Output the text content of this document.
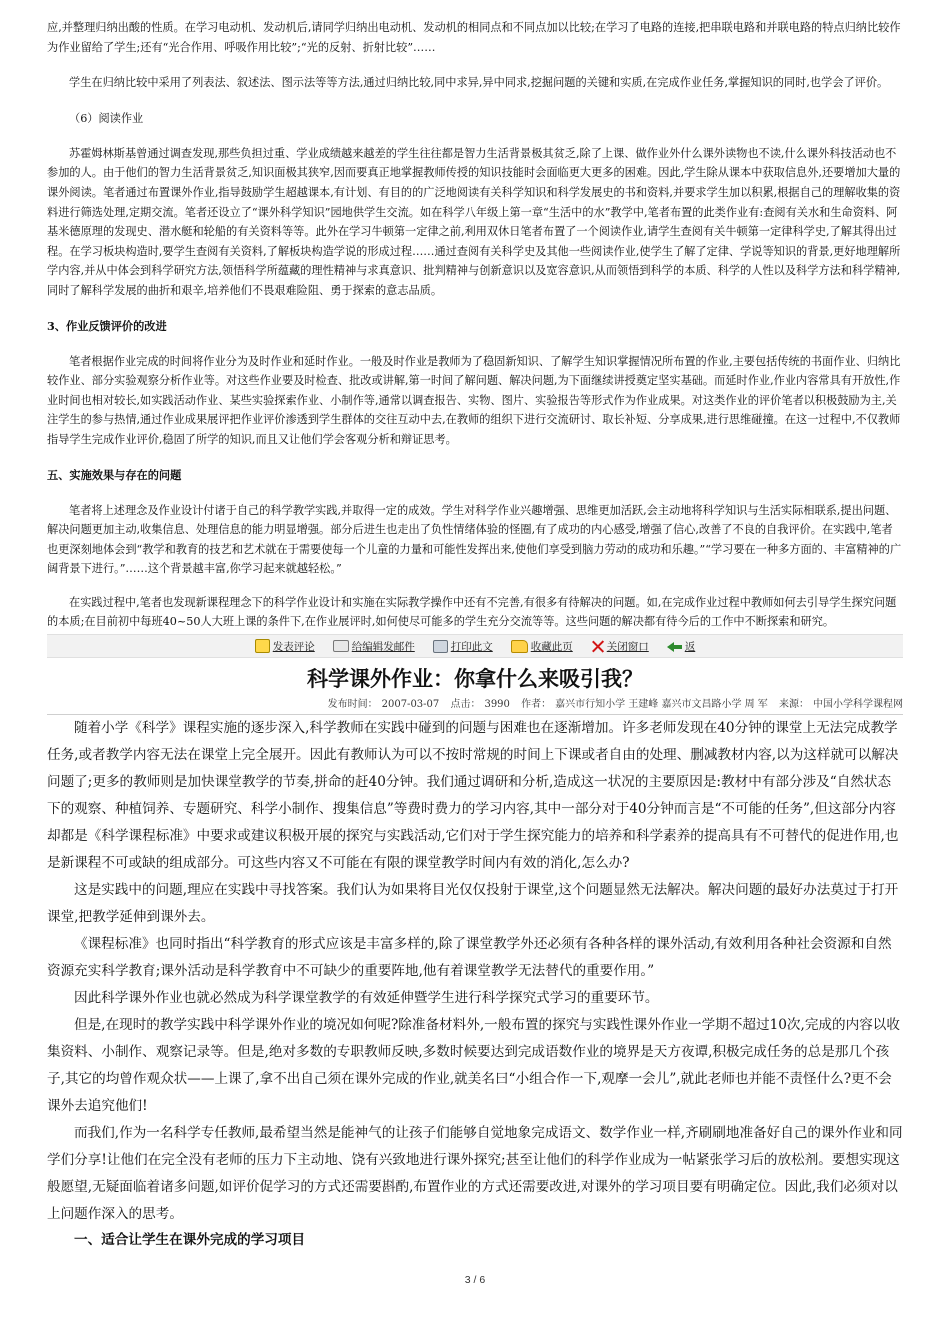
应,并整理归纳出酸的性质。在学习电动机、发动机后,请同学归纳出电动机、发动机的相同点和不同点加以比较;在学习了电路的连接,把串联电路和并联电路的特点归纳比较作为作业留给了学生;还有“光合作用、呼吸作用比较”;“光的反射、折射比较”……

学生在归纳比较中采用了列表法、叙述法、图示法等等方法,通过归纳比较,同中求异,异中同求,挖掘问题的关键和实质,在完成作业任务,掌握知识的同时,也学会了评价。

（6）阅读作业

苏霍姆林斯基曾通过调查发现,那些负担过重、学业成绩越来越差的学生往往都是智力生活背景极其贫乏,除了上课、做作业外什么课外读物也不读,什么课外科技活动也不参加的人。由于他们的智力生活背景贫乏,知识面极其狭窄,因而要真正地掌握教师传授的知识技能时会面临更大更多的困难。因此,学生除从课本中获取信息外,还要增加大量的课外阅读。笔者通过布置课外作业,指导鼓励学生超越课本,有计划、有目的的广泛地阅读有关科学知识和科学发展史的书和资料,并要求学生加以积累,根据自己的理解收集的资料进行筛选处理,定期交流。笔者还设立了“课外科学知识”园地供学生交流。如在科学八年级上第一章“生活中的水”教学中,笔者布置的此类作业有:查阅有关水和生命资料、阿基米德原理的发现史、潜水艇和轮船的有关资料等等。此外在学习牛顿第一定律之前,利用双休日笔者布置了一个阅读作业,请学生查阅有关牛顿第一定律科学史,了解其得出过程。在学习板块构造时,要学生查阅有关资料,了解板块构造学说的形成过程……通过查阅有关科学史及其他一些阅读作业,使学生了解了定律、学说等知识的背景,更好地理解所学内容,并从中体会到科学研究方法,领悟科学所蕴藏的理性精神与求真意识、批判精神与创新意识以及宽容意识,从而领悟到科学的本质、科学的人性以及科学方法和科学精神,同时了解科学发展的曲折和艰辛,培养他们不畏艰难险阻、勇于探索的意志品质。

3、作业反馈评价的改进

笔者根据作业完成的时间将作业分为及时作业和延时作业。一般及时作业是教师为了稳固新知识、了解学生知识掌握情况所布置的作业,主要包括传统的书面作业、归纳比较作业、部分实验观察分析作业等。对这些作业要及时检查、批改或讲解,第一时间了解问题、解决问题,为下面继续讲授奠定坚实基础。而延时作业,作业内容常具有开放性,作业时间也相对较长,如实践活动作业、某些实验探索作业、小制作等,通常以调查报告、实物、图片、实验报告等形式作为作业成果。对这类作业的评价笔者以积极鼓励为主,关注学生的参与热情,通过作业成果展评把作业评价渗透到学生群体的交往互动中去,在教师的组织下进行交流研讨、取长补短、分享成果,进行思维碰撞。在这一过程中,不仅教师指导学生完成作业评价,稳固了所学的知识,而且又让他们学会客观分析和辩证思考。

五、实施效果与存在的问题

笔者将上述理念及作业设计付诸于自己的科学教学实践,并取得一定的成效。学生对科学作业兴趣增强、思维更加活跃,会主动地将科学知识与生活实际相联系,提出问题、解决问题更加主动,收集信息、处理信息的能力明显增强。部分后进生也走出了负性情绪体验的怪圈,有了成功的内心感受,增强了信心,改善了不良的自我评价。在实践中,笔者也更深刻地体会到“教学和教育的技艺和艺术就在于需要使每一个儿童的力量和可能性发挥出来,使他们享受到脑力劳动的成功和乐趣。”“学习要在一种多方面的、丰富精神的广阔背景下进行。”……这个背景越丰富,你学习起来就越轻松。”

在实践过程中,笔者也发现新课程理念下的科学作业设计和实施在实际教学操作中还有不完善,有很多有待解决的问题。如,在完成作业过程中教师如何去引导学生探究问题的本质;在目前初中每班40~50人大班上课的条件下,在作业展评时,如何使尽可能多的学生充分交流等等。这些问题的解决都有待今后的工作中不断探索和研究。

发表评论	给编辑发邮件	打印此文	收藏此页	关闭窗口	返
科学课外作业：你拿什么来吸引我？
发布时间： 2007-03-07 点击： 3990 作者： 嘉兴市行知小学 王建峰 嘉兴市文昌路小学 周 军 来源： 中国小学科学课程网

随着小学《科学》课程实施的逐步深入,科学教师在实践中碰到的问题与困难也在逐渐增加。许多老师发现在40分钟的课堂上无法完成教学任务,或者教学内容无法在课堂上完全展开。因此有教师认为可以不按时常规的时间上下课或者自由的处理、删减教材内容,以为这样就可以解决问题了;更多的教师则是加快课堂教学的节奏,拼命的赶40分钟。我们通过调研和分析,造成这一状况的主要原因是:教材中有部分涉及“自然状态下的观察、种植饲养、专题研究、科学小制作、搜集信息”等费时费力的学习内容,其中一部分对于40分钟而言是“不可能的任务”,但这部分内容却都是《科学课程标准》中要求或建议积极开展的探究与实践活动,它们对于学生探究能力的培养和科学素养的提高具有不可替代的促进作用,也是新课程不可或缺的组成部分。可这些内容又不可能在有限的课堂教学时间内有效的消化,怎么办?

这是实践中的问题,理应在实践中寻找答案。我们认为如果将目光仅仅投射于课堂,这个问题显然无法解决。解决问题的最好办法莫过于打开课堂,把教学延伸到课外去。

《课程标准》也同时指出“科学教育的形式应该是丰富多样的,除了课堂教学外还必须有各种各样的课外活动,有效利用各种社会资源和自然资源充实科学教育;课外活动是科学教育中不可缺少的重要阵地,他有着课堂教学无法替代的重要作用。”

因此科学课外作业也就必然成为科学课堂教学的有效延伸暨学生进行科学探究式学习的重要环节。

但是,在现时的教学实践中科学课外作业的境况如何呢?除准备材料外,一般布置的探究与实践性课外作业一学期不超过10次,完成的内容以收集资料、小制作、观察记录等。但是,绝对多数的专职教师反映,多数时候要达到完成语数作业的境界是天方夜谭,积极完成任务的总是那几个孩子,其它的均曾作观众状——上课了,拿不出自己须在课外完成的作业,就美名曰“小组合作一下,观摩一会儿”,就此老师也并能不责怪什么?更不会课外去追究他们!

而我们,作为一名科学专任教师,最希望当然是能神气的让孩子们能够自觉地象完成语文、数学作业一样,齐刷刷地准备好自己的课外作业和同学们分享!让他们在完全没有老师的压力下主动地、饶有兴致地进行课外探究;甚至让他们的科学作业成为一帖紧张学习后的放松剂。要想实现这般愿望,无疑面临着诸多问题,如评价促学习的方式还需要斟酌,布置作业的方式还需要改进,对课外的学习项目要有明确定位。因此,我们必须对以上问题作深入的思考。

一、适合让学生在课外完成的学习项目

3 / 6
